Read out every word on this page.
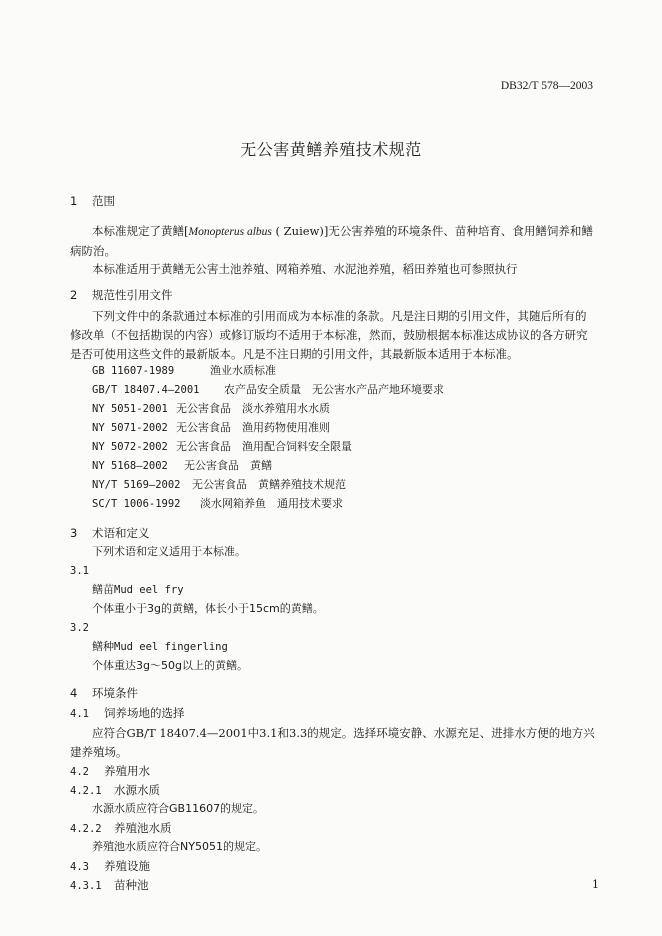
DB32/T 578—2003
无公害黄鳝养殖技术规范
1 范围
本标准规定了黄鳝[Monopterus albus ( Zuiew)]无公害养殖的环境条件、苗种培育、食用鳝饲养和鳝病防治。
本标准适用于黄鳝无公害土池养殖、网箱养殖、水泥池养殖，稻田养殖也可参照执行
2 规范性引用文件
下列文件中的条款通过本标准的引用而成为本标准的条款。凡是注日期的引用文件，其随后所有的修改单（不包括勘误的内容）或修订版均不适用于本标准，然而，鼓励根据本标准达成协议的各方研究是否可使用这些文件的最新版本。凡是不注日期的引用文件，其最新版本适用于本标准。
GB 11607-1989	渔业水质标准
GB/T 18407.4—2001 农产品安全质量　无公害水产品产地环境要求
NY 5051-2001 无公害食品　淡水养殖用水水质
NY 5071-2002 无公害食品　渔用药物使用准则
NY 5072-2002 无公害食品　渔用配合饲料安全限量
NY 5168—2002 无公害食品　黄鳝
NY/T 5169—2002 无公害食品　黄鳝养殖技术规范
SC/T 1006-1992 淡水网箱养鱼　通用技术要求
3 术语和定义
下列术语和定义适用于本标准。
3.1
鳝苗Mud eel fry
个体重小于3g的黄鳝，体长小于15cm的黄鳝。
3.2
鳝种Mud eel fingerling
个体重达3g～50g以上的黄鳝。
4 环境条件
4.1 饲养场地的选择
应符合GB/T 18407.4—2001中3.1和3.3的规定。选择环境安静、水源充足、进排水方便的地方兴建养殖场。
4.2 养殖用水
4.2.1 水源水质
水源水质应符合GB11607的规定。
4.2.2 养殖池水质
养殖池水质应符合NY5051的规定。
4.3 养殖设施
4.3.1 苗种池	1
